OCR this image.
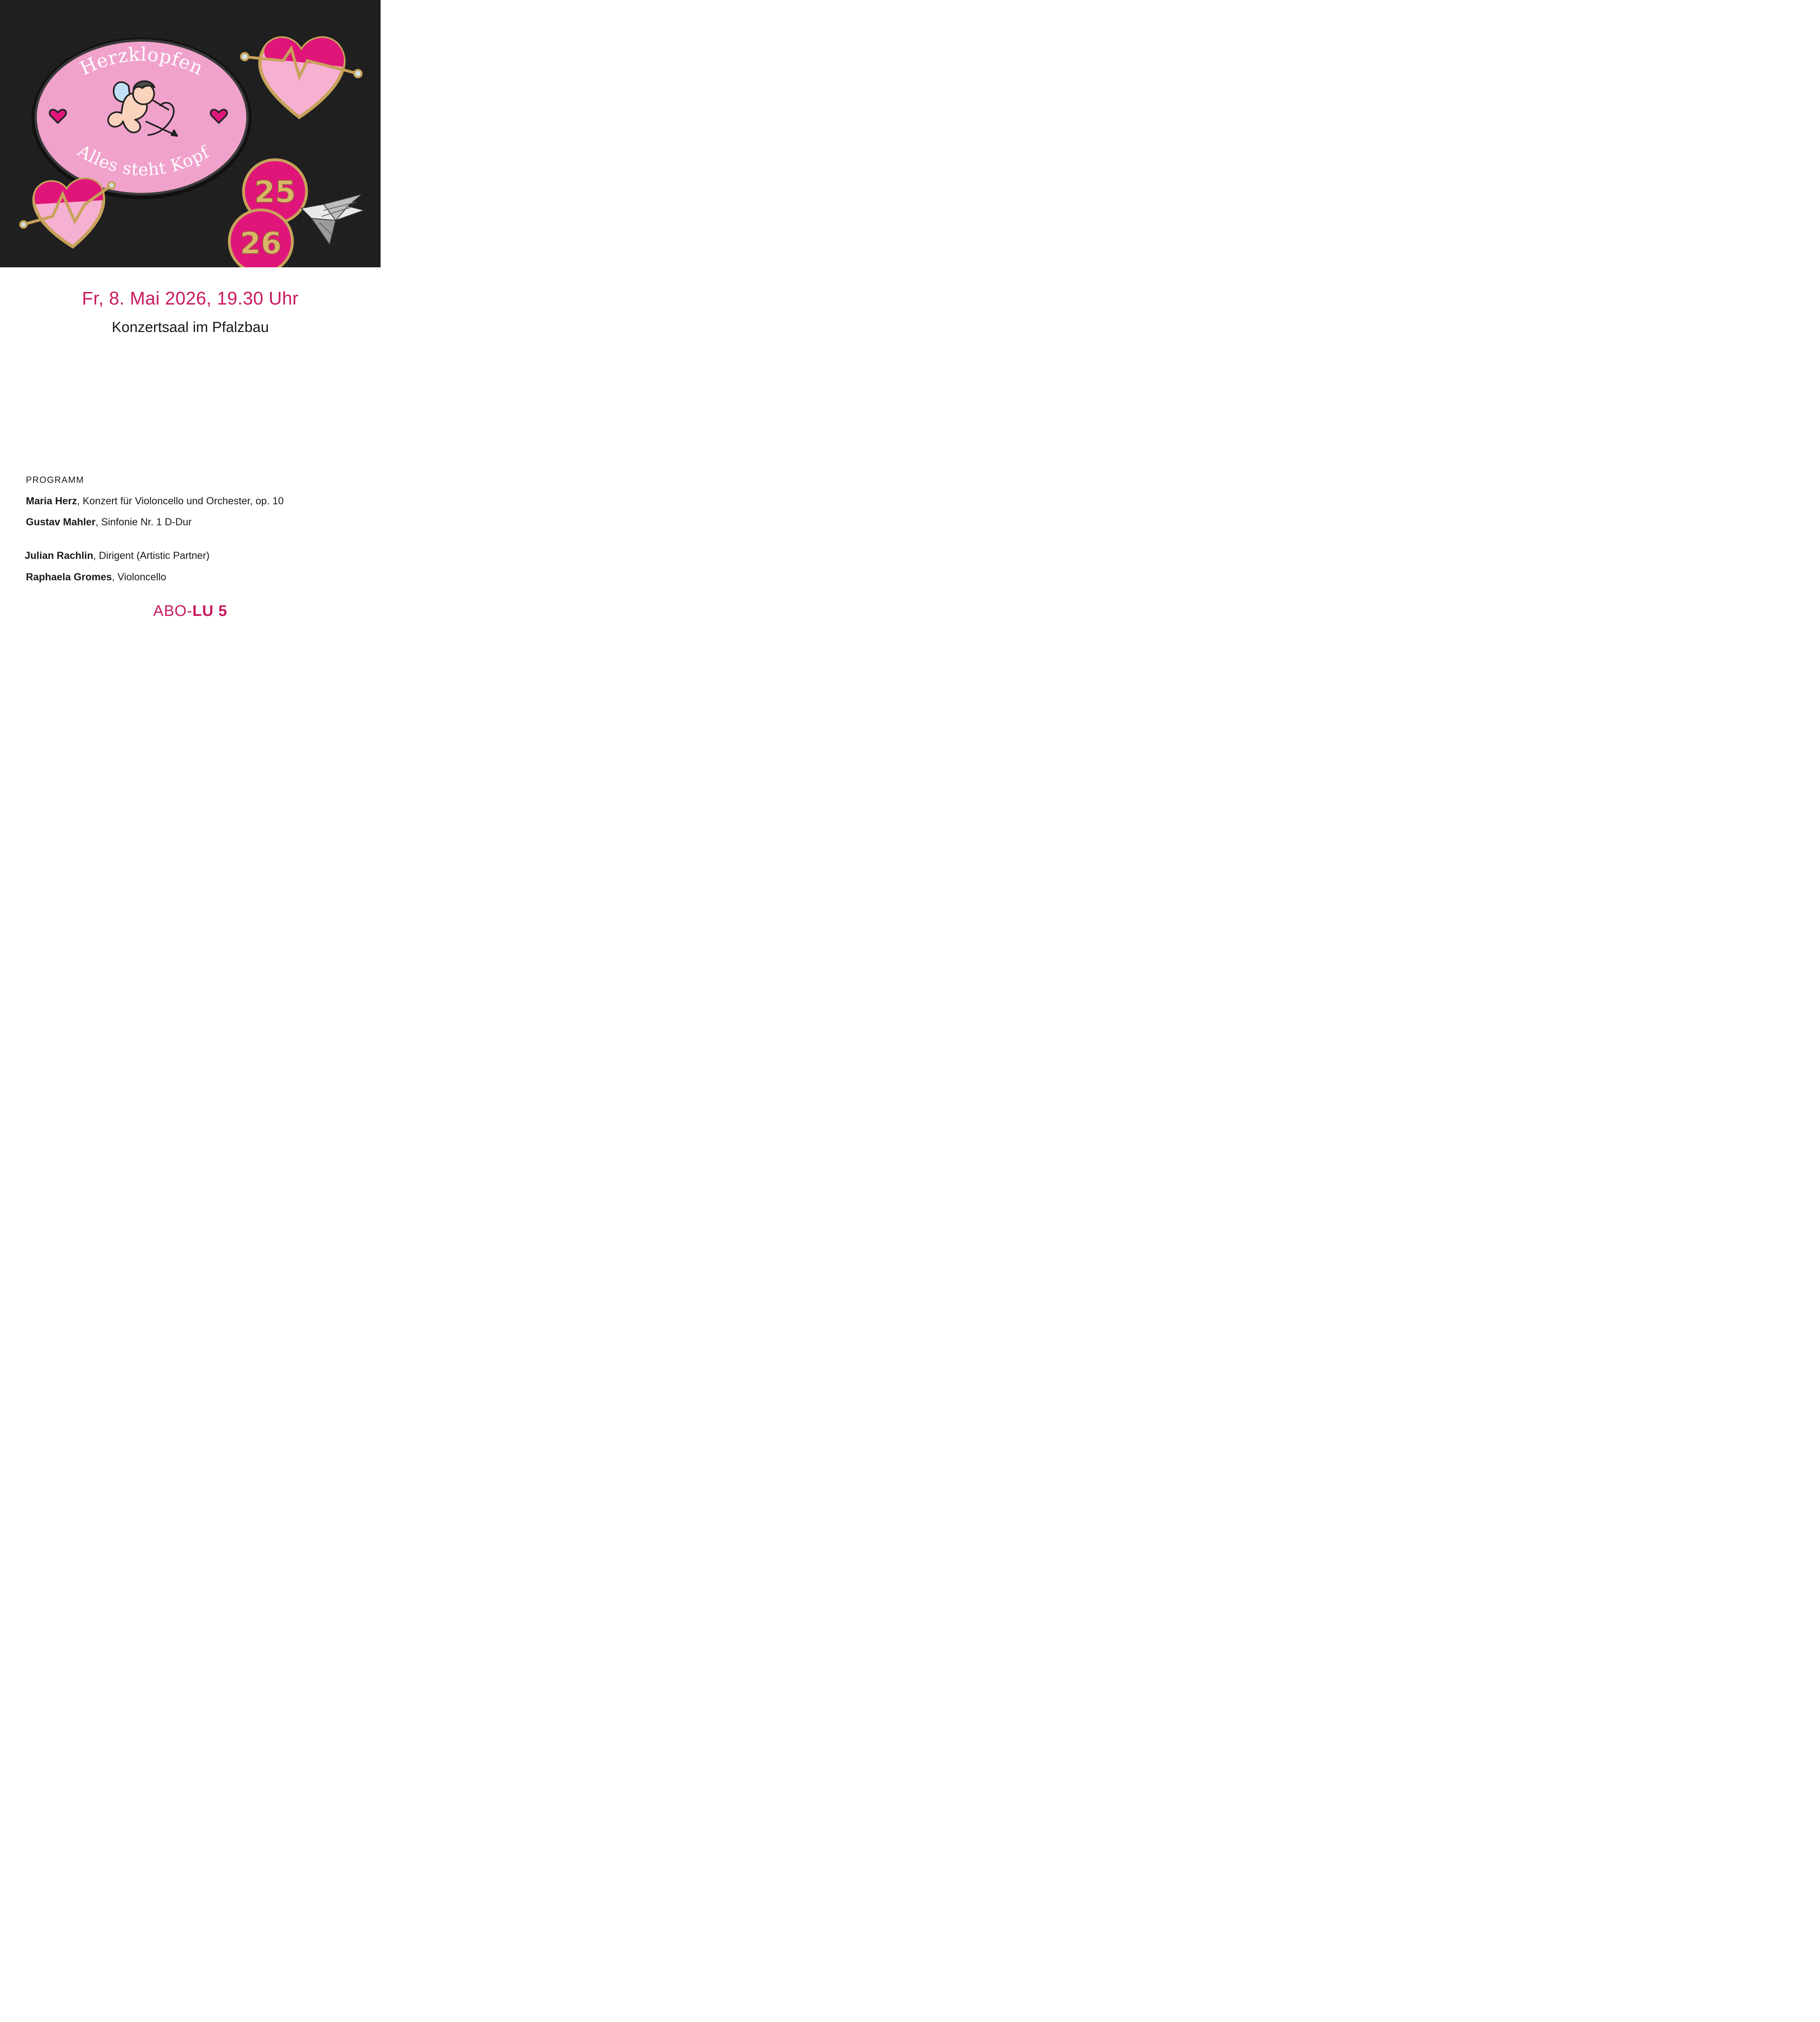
Herzklopfen
Alles steht Kopf
25
26
Fr, 8. Mai 2026, 19.30 Uhr
Konzertsaal im Pfalzbau
PROGRAMM
Maria Herz, Konzert für Violoncello und Orchester, op. 10
Gustav Mahler, Sinfonie Nr. 1 D-Dur
Julian Rachlin, Dirigent (Artistic Partner)
Raphaela Gromes, Violoncello
ABO-LU 5
